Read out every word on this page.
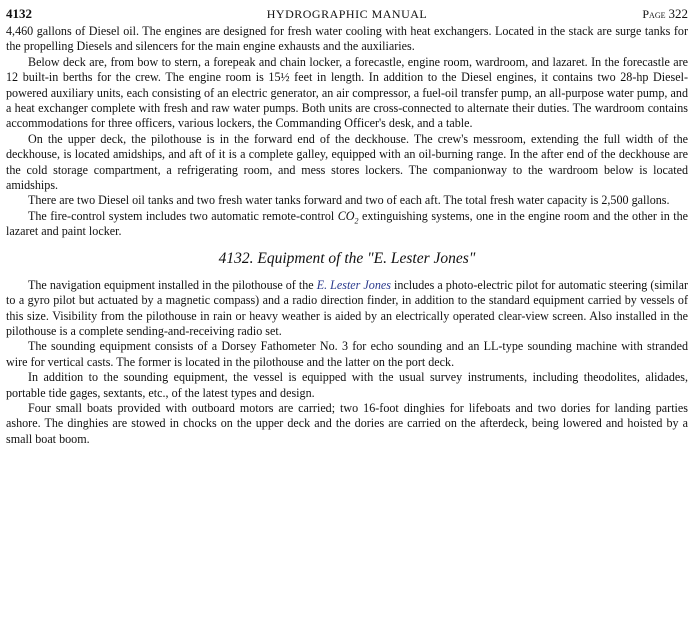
4132	HYDROGRAPHIC MANUAL	Page 322

4,460 gallons of Diesel oil. The engines are designed for fresh water cooling with heat exchangers. Located in the stack are surge tanks for the propelling Diesels and silencers for the main engine exhausts and the auxiliaries.

Below deck are, from bow to stern, a forepeak and chain locker, a forecastle, engine room, wardroom, and lazaret. In the forecastle are 12 built-in berths for the crew. The engine room is 15½ feet in length. In addition to the Diesel engines, it contains two 28-hp Diesel-powered auxiliary units, each consisting of an electric generator, an air compressor, a fuel-oil transfer pump, an all-purpose water pump, and a heat exchanger complete with fresh and raw water pumps. Both units are cross-connected to alternate their duties. The wardroom contains accommodations for three officers, various lockers, the Commanding Officer's desk, and a table.

On the upper deck, the pilothouse is in the forward end of the deckhouse. The crew's messroom, extending the full width of the deckhouse, is located amidships, and aft of it is a complete galley, equipped with an oil-burning range. In the after end of the deckhouse are the cold storage compartment, a refrigerating room, and mess stores lockers. The companionway to the wardroom below is located amidships.

There are two Diesel oil tanks and two fresh water tanks forward and two of each aft. The total fresh water capacity is 2,500 gallons.

The fire-control system includes two automatic remote-control $CO_2$ extinguishing systems, one in the engine room and the other in the lazaret and paint locker.

4132. Equipment of the "E. Lester Jones"

The navigation equipment installed in the pilothouse of the E. Lester Jones includes a photo-electric pilot for automatic steering (similar to a gyro pilot but actuated by a magnetic compass) and a radio direction finder, in addition to the standard equipment carried by vessels of this size. Visibility from the pilothouse in rain or heavy weather is aided by an electrically operated clear-view screen. Also installed in the pilothouse is a complete sending-and-receiving radio set.

The sounding equipment consists of a Dorsey Fathometer No. 3 for echo sounding and an LL-type sounding machine with stranded wire for vertical casts. The former is located in the pilothouse and the latter on the port deck.

In addition to the sounding equipment, the vessel is equipped with the usual survey instruments, including theodolites, alidades, portable tide gages, sextants, etc., of the latest types and design.

Four small boats provided with outboard motors are carried; two 16-foot dinghies for lifeboats and two dories for landing parties ashore. The dinghies are stowed in chocks on the upper deck and the dories are carried on the afterdeck, being lowered and hoisted by a small boat boom.
